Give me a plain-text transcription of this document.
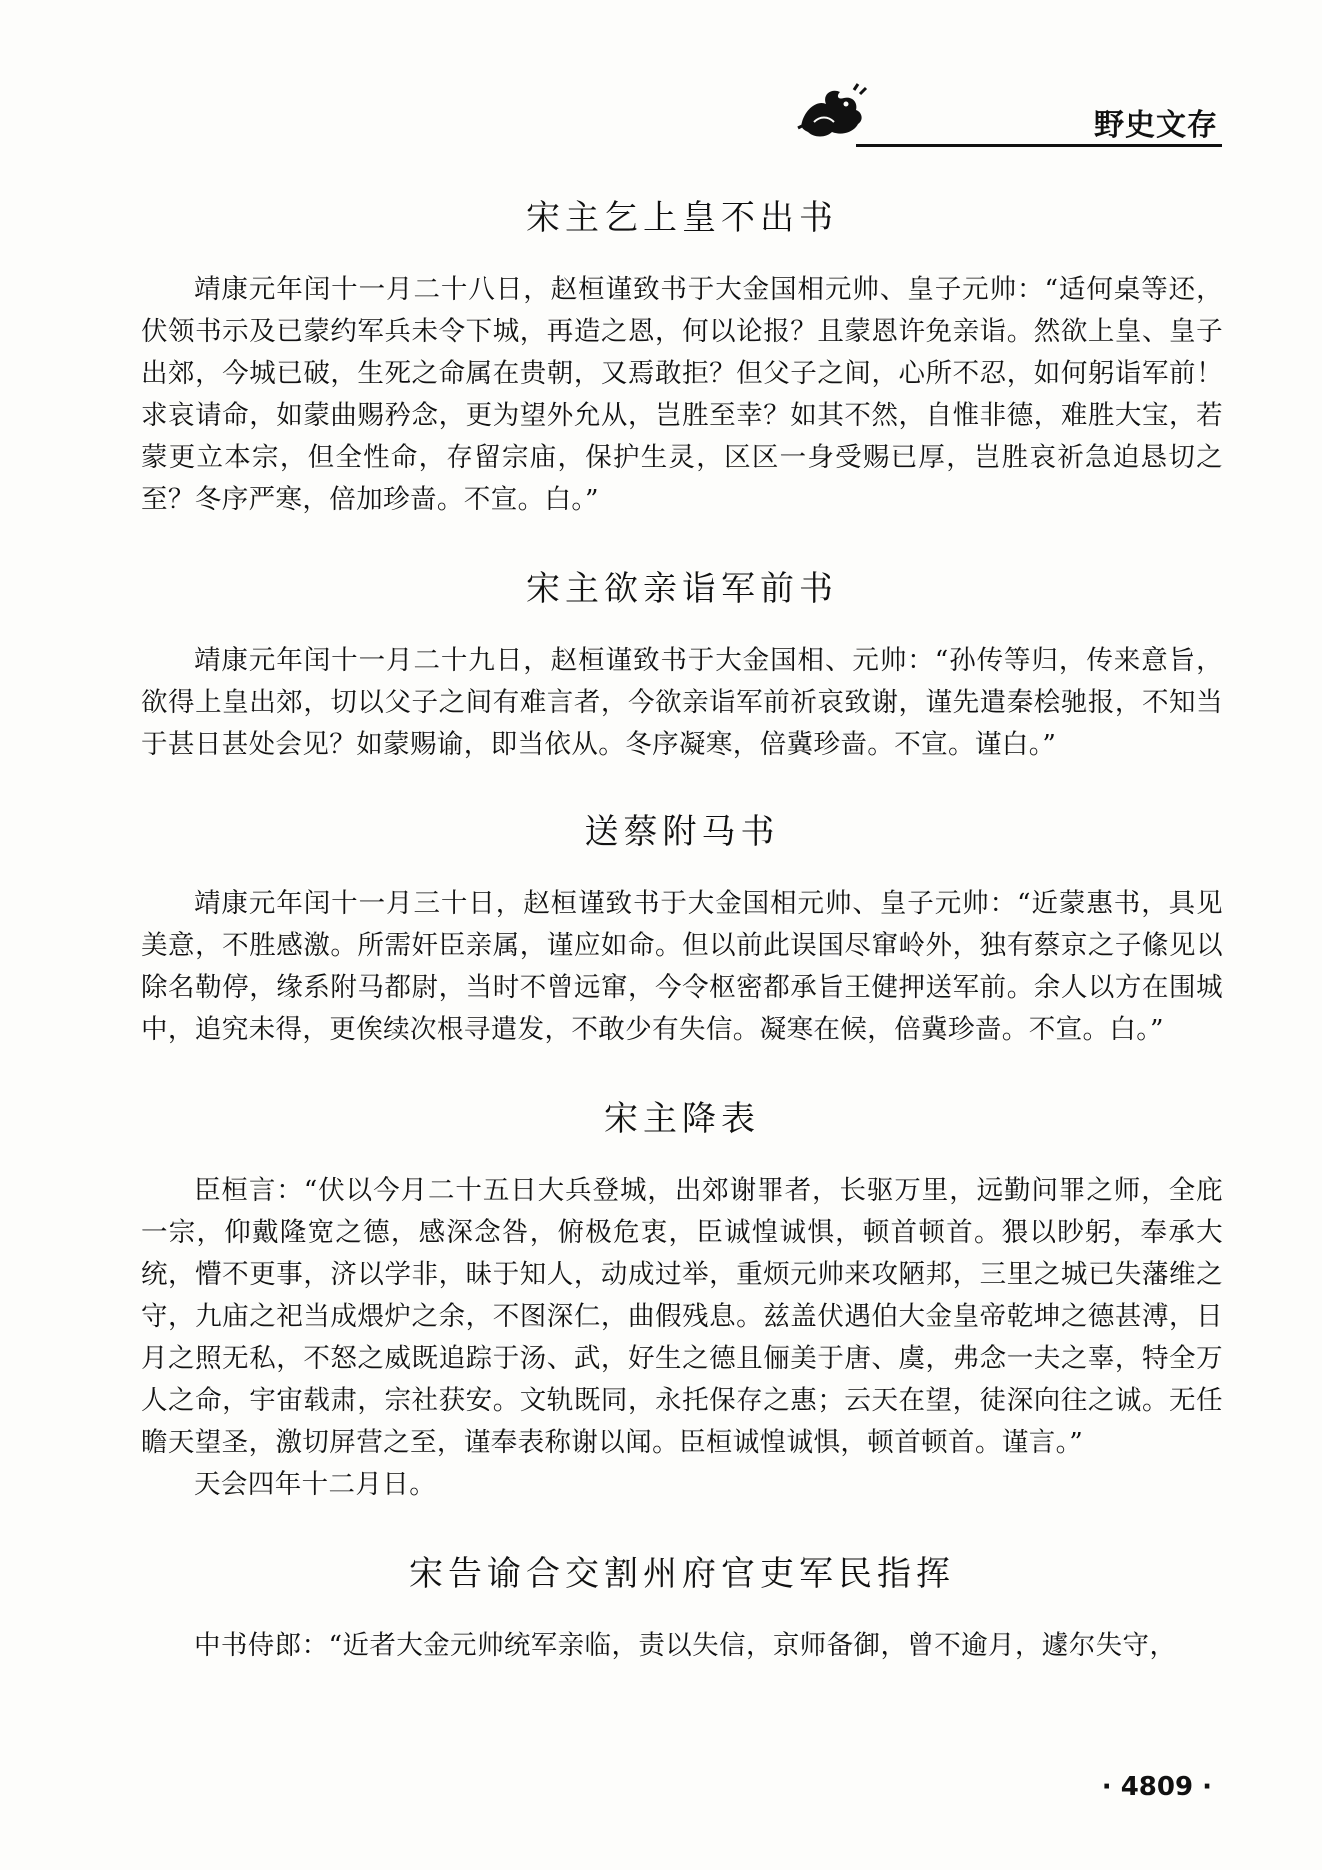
野史文存
宋主乞上皇不出书

靖康元年闰十一月二十八日，赵桓谨致书于大金国相元帅、皇子元帅：“适何桌等还，伏领书示及已蒙约军兵未令下城，再造之恩，何以论报？且蒙恩许免亲诣。然欲上皇、皇子出郊，今城已破，生死之命属在贵朝，又焉敢拒？但父子之间，心所不忍，如何躬诣军前！求哀请命，如蒙曲赐矜念，更为望外允从，岂胜至幸？如其不然，自惟非德，难胜大宝，若蒙更立本宗，但全性命，存留宗庙，保护生灵，区区一身受赐已厚，岂胜哀祈急迫恳切之至？冬序严寒，倍加珍啬。不宣。白。”

宋主欲亲诣军前书

靖康元年闰十一月二十九日，赵桓谨致书于大金国相、元帅：“孙传等归，传来意旨，欲得上皇出郊，切以父子之间有难言者，今欲亲诣军前祈哀致谢，谨先遣秦桧驰报，不知当于甚日甚处会见？如蒙赐谕，即当依从。冬序凝寒，倍冀珍啬。不宣。谨白。”

送蔡附马书

靖康元年闰十一月三十日，赵桓谨致书于大金国相元帅、皇子元帅：“近蒙惠书，具见美意，不胜感激。所需奸臣亲属，谨应如命。但以前此误国尽窜岭外，独有蔡京之子絛见以除名勒停，缘系附马都尉，当时不曾远窜，今令枢密都承旨王健押送军前。余人以方在围城中，追究未得，更俟续次根寻遣发，不敢少有失信。凝寒在候，倍冀珍啬。不宣。白。”

宋主降表

臣桓言：“伏以今月二十五日大兵登城，出郊谢罪者，长驱万里，远勤问罪之师，全庇一宗，仰戴隆宽之德，感深念咎，俯极危衷，臣诚惶诚惧，顿首顿首。猥以眇躬，奉承大统，懵不更事，济以学非，昧于知人，动成过举，重烦元帅来攻陋邦，三里之城已失藩维之守，九庙之祀当成煨炉之余，不图深仁，曲假残息。兹盖伏遇伯大金皇帝乾坤之德甚溥，日月之照无私，不怒之威既追踪于汤、武，好生之德且俪美于唐、虞，弗念一夫之辜，特全万人之命，宇宙载肃，宗社获安。文轨既同，永托保存之惠；云天在望，徒深向往之诚。无任瞻天望圣，激切屏营之至，谨奉表称谢以闻。臣桓诚惶诚惧，顿首顿首。谨言。”

天会四年十二月日。

宋告谕合交割州府官吏军民指挥

中书侍郎：“近者大金元帅统军亲临，责以失信，京师备御，曾不逾月，遽尔失守，

· 4809 ·
